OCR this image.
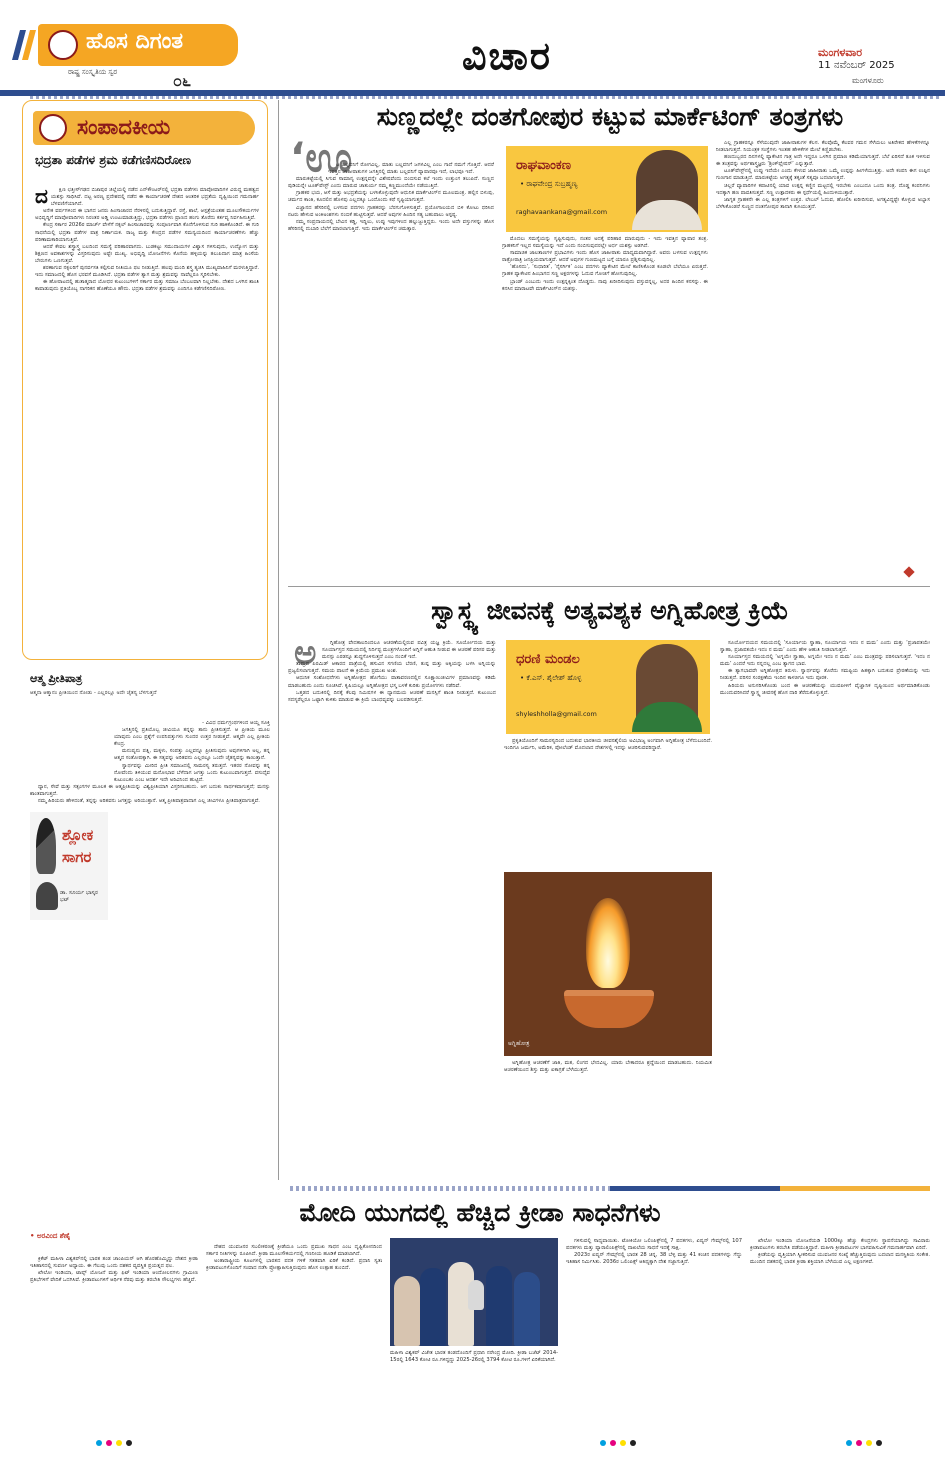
ಹೊಸ ದಿಗಂತ
ರಾಷ್ಟ್ರ ಸಂಸ್ಕೃತಿಯ ಸ್ವರ	೦೬
ವಿಚಾರ	ಮಂಗಳವಾರ
11 ನವೆಂಬರ್ 2025
ಮಂಗಳೂರು
ಸಂಪಾದಕೀಯ
ಭದ್ರತಾ ಪಡೆಗಳ ಶ್ರಮ ಕಡೆಗಣಿಸದಿರೋಣ
ದ	ಕ್ಷಿಣ ಛತ್ತೀಸ್‌ಗಢದ ಬಿಜಾಪುರ ಜಿಲ್ಲೆಯಲ್ಲಿ ನಡೆದ ಎನ್‌ಕೌಂಟರ್‌ನಲ್ಲಿ ಭದ್ರತಾ ಪಡೆಗಳು ಮಾವೋವಾದಿಗಳ ವಿರುದ್ಧ ಮಹತ್ವದ ಯಶಸ್ಸು ಸಾಧಿಸಿವೆ. ದಟ್ಟ ಅರಣ್ಯ ಪ್ರದೇಶದಲ್ಲಿ ನಡೆದ ಈ ಕಾರ್ಯಾಚರಣೆ ದೇಶದ ಆಂತರಿಕ ಭದ್ರತೆಯ ದೃಷ್ಟಿಯಿಂದ ಗಮನಾರ್ಹ ಬೆಳವಣಿಗೆಯಾಗಿದೆ.

ಅನೇಕ ವರ್ಷಗಳಿಂದ ಈ ಭಾಗದ ಜನರು ಹಿಂಸಾಚಾರದ ನೆರಳಿನಲ್ಲಿ ಬದುಕುತ್ತಿದ್ದಾರೆ. ರಸ್ತೆ, ಶಾಲೆ, ಆಸ್ಪತ್ರೆಯಂತಹ ಮೂಲಸೌಕರ್ಯಗಳ ಅಭಿವೃದ್ಧಿಗೆ ಮಾವೋವಾದಿಗಳು ನಿರಂತರ ಅಡ್ಡಿ ಉಂಟುಮಾಡುತ್ತಿದ್ದು, ಭದ್ರತಾ ಪಡೆಗಳು ಪ್ರಾಣದ ಹಂಗು ತೊರೆದು ಕರ್ತವ್ಯ ನಿರ್ವಹಿಸುತ್ತಿವೆ.

ಕೇಂದ್ರ ಸರ್ಕಾರ 2026ರ ಮಾರ್ಚ್ ವೇಳೆಗೆ ನಕ್ಸಲ್ ಹಿಂಸಾಚಾರವನ್ನು ಸಂಪೂರ್ಣವಾಗಿ ಕೊನೆಗೊಳಿಸುವ ಗುರಿ ಹಾಕಿಕೊಂಡಿದೆ. ಈ ಗುರಿ ಸಾಧನೆಯಲ್ಲಿ ಭದ್ರತಾ ಪಡೆಗಳ ಪಾತ್ರ ನಿರ್ಣಾಯಕ. ರಾಜ್ಯ ಮತ್ತು ಕೇಂದ್ರದ ಪಡೆಗಳ ಸಮನ್ವಯದಿಂದ ಕಾರ್ಯಾಚರಣೆಗಳು ಹೆಚ್ಚು ಪರಿಣಾಮಕಾರಿಯಾಗುತ್ತಿವೆ.

ಆದರೆ ಕೇವಲ ಶಸ್ತ್ರಾಸ್ತ್ರ ಬಲದಿಂದ ಸಮಸ್ಯೆ ಪರಿಹಾರವಾಗದು. ಬುಡಕಟ್ಟು ಸಮುದಾಯಗಳ ವಿಶ್ವಾಸ ಗಳಿಸುವುದು, ಉದ್ಯೋಗ ಮತ್ತು ಶಿಕ್ಷಣದ ಅವಕಾಶಗಳನ್ನು ವಿಸ್ತರಿಸುವುದು ಅಷ್ಟೇ ಮುಖ್ಯ. ಅಭಿವೃದ್ಧಿ ಯೋಜನೆಗಳು ಕೊನೆಯ ಹಳ್ಳಿಯನ್ನು ತಲುಪಿದಾಗ ಮಾತ್ರ ಹಿಂಸೆಯ ಬೇರುಗಳು ಒಣಗುತ್ತವೆ.

ಶರಣಾಗುವ ನಕ್ಸಲರಿಗೆ ಪುನರ್ವಸತಿ ಕಲ್ಪಿಸುವ ನೀತಿಯೂ ಫಲ ನೀಡುತ್ತಿದೆ. ಹಲವು ಮಂದಿ ಶಸ್ತ್ರ ತ್ಯಜಿಸಿ ಮುಖ್ಯವಾಹಿನಿಗೆ ಮರಳುತ್ತಿದ್ದಾರೆ. ಇದು ಸಮಾಜದಲ್ಲಿ ಹೊಸ ಭರವಸೆ ಮೂಡಿಸಿದೆ. ಭದ್ರತಾ ಪಡೆಗಳ ತ್ಯಾಗ ಮತ್ತು ಶ್ರಮವನ್ನು ನಾವೆಲ್ಲರೂ ಸ್ಮರಿಸಬೇಕು.

ಈ ಹೋರಾಟದಲ್ಲಿ ಹುತಾತ್ಮರಾದ ಯೋಧರ ಕುಟುಂಬಗಳಿಗೆ ಸರ್ಕಾರ ಮತ್ತು ಸಮಾಜ ಬೆಂಬಲವಾಗಿ ನಿಲ್ಲಬೇಕು. ದೇಶದ ಒಳಗಿನ ಶಾಂತಿ ಕಾಪಾಡುವುದು ಪ್ರತಿಯೊಬ್ಬ ನಾಗರಿಕನ ಹೊಣೆಯೂ ಹೌದು. ಭದ್ರತಾ ಪಡೆಗಳ ಶ್ರಮವನ್ನು ಎಂದಿಗೂ ಕಡೆಗಣಿಸದಿರೋಣ.

ಆತ್ಮ ಪ್ರೀತಿಪಾತ್ರ
ಆತ್ಮನಾ ಆತ್ಮಾನಂ ಪ್ರೀತಿಯಿಂದ ನೋಡು - ಎಲ್ಲರಲ್ಲೂ ಅದೇ ಚೈತನ್ಯ ಬೆಳಗುತ್ತದೆ
ಶ್ಲೋಕ
ಸಾಗರ
ಡಾ. ಸೂರ್ಯ ಭಾಸ್ಕರ ಭಟ್

- ವಿವಿಧ ಧರ್ಮಗ್ರಂಥಗಳಿಂದ ಆಯ್ದ ಸೂಕ್ತಿ

ಜಗತ್ತಿನಲ್ಲಿ ಪ್ರತಿಯೊಬ್ಬ ಜೀವಿಯೂ ತನ್ನನ್ನು ತಾನು ಪ್ರೀತಿಸುತ್ತದೆ. ಆ ಪ್ರೀತಿಯ ಮೂಲ ಯಾವುದು ಎಂಬ ಪ್ರಶ್ನೆಗೆ ಉಪನಿಷತ್ತುಗಳು ಸುಂದರ ಉತ್ತರ ನೀಡುತ್ತವೆ. ಆತ್ಮವೇ ಎಲ್ಲ ಪ್ರೀತಿಯ ಕೇಂದ್ರ.

ಮನುಷ್ಯನು ಪತ್ನಿ, ಮಕ್ಕಳು, ಸಂಪತ್ತು ಎಲ್ಲವನ್ನೂ ಪ್ರೀತಿಸುವುದು ಅವುಗಳಿಗಾಗಿ ಅಲ್ಲ, ತನ್ನ ಆತ್ಮದ ಸಂತೋಷಕ್ಕಾಗಿ. ಈ ಸತ್ಯವನ್ನು ಅರಿತವನು ಎಲ್ಲರಲ್ಲೂ ಒಂದೇ ಚೈತನ್ಯವನ್ನು ಕಾಣುತ್ತಾನೆ.

ಸ್ವಾರ್ಥವನ್ನು ಮೀರಿದ ಪ್ರೀತಿ ಸಮಾಜದಲ್ಲಿ ಸಾಮರಸ್ಯ ತರುತ್ತದೆ. ಇತರರ ನೋವನ್ನು ತನ್ನ ನೋವೆಂದು ತಿಳಿಯುವ ಮನೋಭಾವ ಬೆಳೆದಾಗ ಜಗತ್ತು ಒಂದು ಕುಟುಂಬವಾಗುತ್ತದೆ. ವಸುಧೈವ ಕುಟುಂಬಕಂ ಎಂಬ ಆದರ್ಶ ಇದೇ ಅರಿವಿನಿಂದ ಹುಟ್ಟಿದೆ.

ಧ್ಯಾನ, ಸೇವೆ ಮತ್ತು ಸತ್ಸಂಗಗಳ ಮೂಲಕ ಈ ಆತ್ಮಪ್ರೀತಿಯನ್ನು ವಿಶ್ವಪ್ರೀತಿಯಾಗಿ ವಿಸ್ತರಿಸಬಹುದು. ಆಗ ಬದುಕು ಸಾರ್ಥಕವಾಗುತ್ತದೆ; ಮನಸ್ಸು ಶಾಂತವಾಗುತ್ತದೆ.

ನಮ್ಮ ಹಿರಿಯರು ಹೇಳಿದಂತೆ, ತನ್ನನ್ನು ಅರಿತವನು ಜಗತ್ತನ್ನು ಅರಿಯುತ್ತಾನೆ. ಆತ್ಮ ಪ್ರೀತಿಪಾತ್ರವಾದಾಗ ಎಲ್ಲ ಜೀವಿಗಳೂ ಪ್ರೀತಿಪಾತ್ರವಾಗುತ್ತವೆ.

ಸುಣ್ಣದಲ್ಲೇ ದಂತಗೋಪುರ ಕಟ್ಟುವ ಮಾರ್ಕೆಟಿಂಗ್ ತಂತ್ರಗಳು
‘ಊ

ಟ ಬಲ್ಲವನಿಗೆ ರೋಗವಿಲ್ಲ, ಮಾತು ಬಲ್ಲವನಿಗೆ ಜಗಳವಿಲ್ಲ ಎಂಬ ಗಾದೆ ನಮಗೆ ಗೊತ್ತಿದೆ. ಆದರೆ ಇವತ್ತಿನ ಜಾಹೀರಾತುಗಳ ಜಗತ್ತಿನಲ್ಲಿ ಮಾತು ಬಲ್ಲವನಿಗೆ ವ್ಯಾಪಾರವೂ ಇದೆ, ಲಾಭವೂ ಇದೆ.

ಮಾರುಕಟ್ಟೆಯಲ್ಲಿ ಸಿಗುವ ಸಾಮಾನ್ಯ ಉತ್ಪನ್ನವನ್ನೇ ವಿಶೇಷವೆಂದು ಬಿಂಬಿಸುವ ಕಲೆ ಇಂದು ಉತ್ತುಂಗ ತಲುಪಿದೆ. ಸುಣ್ಣದ ಪುಡಿಯನ್ನೇ ಟೂತ್‌ಪೇಸ್ಟ್ ಎಂದು ಮಾರುವ ಚಾತುರ್ಯ ನಮ್ಮ ಕಣ್ಣಮುಂದೆಯೇ ನಡೆಯುತ್ತಿದೆ.

ಗ್ರಾಹಕರ ಭಯ, ಆಸೆ ಮತ್ತು ಅಭದ್ರತೆಯನ್ನು ಬಳಸಿಕೊಳ್ಳುವುದೇ ಆಧುನಿಕ ಮಾರ್ಕೆಟಿಂಗ್‌ನ ಮೂಲಮಂತ್ರ. ಹಲ್ಲಿನ ಬಿಳುಪು, ಚರ್ಮದ ಕಾಂತಿ, ಕೂದಲಿನ ಹೊಳಪು ಎಲ್ಲದಕ್ಕೂ ಒಂದೊಂದು ಕಥೆ ಸೃಷ್ಟಿಯಾಗುತ್ತದೆ.

ವಿಜ್ಞಾನದ ಹೆಸರಿನಲ್ಲಿ ಬಳಸುವ ಪದಗಳು ಗ್ರಾಹಕರನ್ನು ಬೆರಗುಗೊಳಿಸುತ್ತವೆ. ಪ್ರಯೋಗಾಲಯದ ಬಿಳಿ ಕೋಟು ಧರಿಸಿದ ನಟರು ಹೇಳುವ ಅಂಕಿಅಂಶಗಳು ನಂಬಿಕೆ ಹುಟ್ಟಿಸುತ್ತವೆ. ಆದರೆ ಅವುಗಳ ಹಿಂದಿನ ಸತ್ಯ ಬಹುಪಾಲು ಅಸ್ಪಷ್ಟ.

ನಮ್ಮ ಸಂಪ್ರದಾಯದಲ್ಲಿ ಬೇವಿನ ಕಡ್ಡಿ, ಇದ್ದಿಲು, ಉಪ್ಪು ಇವುಗಳಿಂದ ಹಲ್ಲುಜ್ಜುತ್ತಿದ್ದರು. ಇಂದು ಅದೇ ವಸ್ತುಗಳನ್ನು ಹೊಸ ಹೆಸರಿನಲ್ಲಿ ದುಬಾರಿ ಬೆಲೆಗೆ ಮಾರಲಾಗುತ್ತಿದೆ. ಇದು ಮಾರ್ಕೆಟಿಂಗ್‌ನ ಚಮತ್ಕಾರ.

ರಾಘವಾಂಕಣ
• ರಾಘವೇಂದ್ರ ಸುಬ್ರಹ್ಮಣ್ಯ
raghavaankana@gmail.com

ಮೊದಲು ಸಮಸ್ಯೆಯನ್ನು ಸೃಷ್ಟಿಸುವುದು, ನಂತರ ಅದಕ್ಕೆ ಪರಿಹಾರ ಮಾರುವುದು - ಇದು ಇವತ್ತಿನ ವ್ಯಾಪಾರ ತಂತ್ರ. ಗ್ರಾಹಕನಿಗೆ ಇಲ್ಲದ ಸಮಸ್ಯೆಯನ್ನು ಇದೆ ಎಂದು ನಂಬಿಸುವುದರಲ್ಲೇ ಅರ್ಧ ಯಶಸ್ಸು ಅಡಗಿದೆ.

ಸಾಮಾಜಿಕ ಜಾಲತಾಣಗಳ ಪ್ರಭಾವಿಗಳು ಇಂದು ಹೊಸ ಜಾಹೀರಾತು ಮಾಧ್ಯಮವಾಗಿದ್ದಾರೆ. ಅವರು ಬಳಸುವ ಉತ್ಪನ್ನಗಳು ರಾತ್ರೋರಾತ್ರಿ ಜನಪ್ರಿಯವಾಗುತ್ತವೆ. ಆದರೆ ಅವುಗಳ ಗುಣಮಟ್ಟದ ಬಗ್ಗೆ ಯಾರೂ ಪ್ರಶ್ನಿಸುವುದಿಲ್ಲ.

‘ಹೊಸದು’, ‘ಸುಧಾರಿತ’, ‘ನೈಸರ್ಗಿಕ’ ಎಂಬ ಪದಗಳು ಪ್ಯಾಕೇಟಿನ ಮೇಲೆ ಕಾಣಿಸಿಕೊಂಡ ಕೂಡಲೇ ಬೆಲೆಯೂ ಏರುತ್ತದೆ. ಗ್ರಾಹಕ ಪ್ಯಾಕೇಟಿನ ಹಿಂಭಾಗದ ಸಣ್ಣ ಅಕ್ಷರಗಳನ್ನು ಓದುವ ಗೋಜಿಗೆ ಹೋಗುವುದಿಲ್ಲ.

ಬ್ರಾಂಡ್ ಎಂಬುದು ಇಂದು ಉತ್ಪನ್ನಕ್ಕಿಂತ ದೊಡ್ಡದು. ನಾವು ಖರೀದಿಸುವುದು ವಸ್ತುವನ್ನಲ್ಲ, ಅದರ ಹಿಂದಿನ ಕನಸನ್ನು. ಈ ಕನಸಿನ ಮಾರಾಟವೇ ಮಾರ್ಕೆಟಿಂಗ್‌ನ ಯಶಸ್ಸು.

ಎಲ್ಲ ಗ್ರಾಹಕರನ್ನೂ ಸೆಳೆಯುವುದೇ ಜಾಹೀರಾತುಗಳ ಕೆಲಸ. ಕೆಲವೊಮ್ಮೆ ಕೆಲವರ ಗಮನ ಸೆಳೆಯಲು ಅತಿರೇಕದ ಹೇಳಿಕೆಗಳನ್ನೂ ನೀಡಲಾಗುತ್ತದೆ. ನಿಯಂತ್ರಕ ಸಂಸ್ಥೆಗಳು ಇಂತಹ ಹೇಳಿಕೆಗಳ ಮೇಲೆ ಕಣ್ಣಿಡಬೇಕು.

ಹಣದುಬ್ಬರದ ದಿನಗಳಲ್ಲಿ ಪ್ಯಾಕೇಟಿನ ಗಾತ್ರ ಅದೇ ಇದ್ದರೂ ಒಳಗಿನ ಪ್ರಮಾಣ ಕಡಿಮೆಯಾಗುತ್ತದೆ. ಬೆಲೆ ಏರಿಸದೆ ತೂಕ ಇಳಿಸುವ ಈ ತಂತ್ರವನ್ನು ಅರ್ಥಶಾಸ್ತ್ರಜ್ಞರು ‘ಶ್ರಿಂಕ್‌ಫ್ಲೇಷನ್’ ಎನ್ನುತ್ತಾರೆ.

ಟೂತ್‌ಪೇಸ್ಟ್‌ನಲ್ಲಿ ಉಪ್ಪು ಇದೆಯೇ ಎಂದು ಕೇಳುವ ಜಾಹೀರಾತು ಒಮ್ಮೆ ಉಪ್ಪನ್ನು ಹೀಗಳೆಯುತ್ತಿತ್ತು. ಅದೇ ಕಂಪನಿ ಈಗ ಉಪ್ಪಿನ ಗುಣಗಾನ ಮಾಡುತ್ತಿದೆ. ಮಾರುಕಟ್ಟೆಯ ಅಗತ್ಯಕ್ಕೆ ತಕ್ಕಂತೆ ಸತ್ಯವೂ ಬದಲಾಗುತ್ತದೆ.

ಚಿಲ್ಲರೆ ವ್ಯಾಪಾರಿಗಳ ಕಪಾಟಿನಲ್ಲಿ ಯಾವ ಉತ್ಪನ್ನ ಕಣ್ಣಿನ ಮಟ್ಟದಲ್ಲಿ ಇರಬೇಕು ಎಂಬುದೂ ಒಂದು ತಂತ್ರ. ದೊಡ್ಡ ಕಂಪನಿಗಳು ಇದಕ್ಕಾಗಿ ಹಣ ಪಾವತಿಸುತ್ತವೆ. ಸಣ್ಣ ಉತ್ಪಾದಕರು ಈ ಸ್ಪರ್ಧೆಯಲ್ಲಿ ಹಿಂದುಳಿಯುತ್ತಾರೆ.

ಜಾಗೃತ ಗ್ರಾಹಕನೇ ಈ ಎಲ್ಲ ತಂತ್ರಗಳಿಗೆ ಉತ್ತರ. ಲೇಬಲ್ ಓದುವ, ಹೋಲಿಸಿ ಖರೀದಿಸುವ, ಅಗತ್ಯವಿದ್ದಷ್ಟೇ ಕೊಳ್ಳುವ ಅಭ್ಯಾಸ ಬೆಳೆಸಿಕೊಂಡರೆ ಸುಣ್ಣದ ದಂತಗೋಪುರ ತಾನಾಗಿ ಕುಸಿಯುತ್ತದೆ.

ಸ್ವಾಸ್ಥ್ಯ ಜೀವನಕ್ಕೆ ಅತ್ಯವಶ್ಯಕ ಅಗ್ನಿಹೋತ್ರ ಕ್ರಿಯೆ
ಅ	ಗ್ನಿಹೋತ್ರ ವೇದಕಾಲದಿಂದಲೂ ಆಚರಣೆಯಲ್ಲಿರುವ ಪವಿತ್ರ ಯಜ್ಞ ಕ್ರಿಯೆ. ಸೂರ್ಯೋದಯ ಮತ್ತು ಸೂರ್ಯಾಸ್ತದ ಸಮಯದಲ್ಲಿ ನಿರ್ದಿಷ್ಟ ಮಂತ್ರಗಳೊಂದಿಗೆ ಅಗ್ನಿಗೆ ಆಹುತಿ ನೀಡುವ ಈ ಆಚರಣೆ ಪರಿಸರ ಮತ್ತು ಮನಸ್ಸು ಎರಡನ್ನೂ ಶುದ್ಧಗೊಳಿಸುತ್ತದೆ ಎಂಬ ನಂಬಿಕೆ ಇದೆ.

ತಾಮ್ರದ ಪಿರಮಿಡ್ ಆಕಾರದ ಪಾತ್ರೆಯಲ್ಲಿ ಹಸುವಿನ ಸಗಣಿಯ ಬೆರಣಿ, ತುಪ್ಪ ಮತ್ತು ಅಕ್ಕಿಯನ್ನು ಬಳಸಿ ಅಗ್ನಿಯನ್ನು ಪ್ರಜ್ವಲಿಸಲಾಗುತ್ತದೆ. ಸಮಯ ಪಾಲನೆ ಈ ಕ್ರಿಯೆಯ ಪ್ರಮುಖ ಅಂಶ.

ಆಧುನಿಕ ಸಂಶೋಧನೆಗಳು ಅಗ್ನಿಹೋತ್ರದ ಹೊಗೆಯು ವಾತಾವರಣದಲ್ಲಿನ ಸೂಕ್ಷ್ಮಾಣುಜೀವಿಗಳ ಪ್ರಮಾಣವನ್ನು ಕಡಿಮೆ ಮಾಡಬಹುದು ಎಂದು ಸೂಚಿಸಿವೆ. ಕೃಷಿಯಲ್ಲೂ ಅಗ್ನಿಹೋತ್ರದ ಭಸ್ಮ ಬಳಕೆ ಕುರಿತು ಪ್ರಯೋಗಗಳು ನಡೆದಿವೆ.

ಒತ್ತಡದ ಬದುಕಿನಲ್ಲಿ ದಿನಕ್ಕೆ ಕೆಲವು ನಿಮಿಷಗಳ ಈ ಧ್ಯಾನಮಯ ಆಚರಣೆ ಮನಸ್ಸಿಗೆ ಶಾಂತಿ ನೀಡುತ್ತದೆ. ಕುಟುಂಬದ ಸದಸ್ಯರೆಲ್ಲರೂ ಒಟ್ಟಾಗಿ ಕುಳಿತು ಮಾಡುವ ಈ ಕ್ರಿಯೆ ಬಾಂಧವ್ಯವನ್ನು ಬಲಪಡಿಸುತ್ತದೆ.

ಧರಣಿ ಮಂಡಲ
• ಕೆ.ಎಸ್. ಶೈಲೇಶ್ ಹೊಳ್ಳ
shyleshholla@gmail.com

ಪ್ರಕೃತಿಯೊಂದಿಗೆ ಸಾಮರಸ್ಯದಿಂದ ಬದುಕುವ ಭಾರತೀಯ ಜೀವನಶೈಲಿಯ ಅವಿಭಾಜ್ಯ ಅಂಗವಾಗಿ ಅಗ್ನಿಹೋತ್ರ ಬೆಳೆದುಬಂದಿದೆ. ಇಂದಿಗೂ ಜರ್ಮನಿ, ಅಮೆರಿಕ, ಪೋಲೆಂಡ್ ಮೊದಲಾದ ದೇಶಗಳಲ್ಲಿ ಇದನ್ನು ಆಚರಿಸುವವರಿದ್ದಾರೆ.

ಅಗ್ನಿಹೋತ್ರ

ಅಗ್ನಿಹೋತ್ರ ಆಚರಣೆಗೆ ಜಾತಿ, ಮತ, ಲಿಂಗದ ಭೇದವಿಲ್ಲ. ಯಾರು ಬೇಕಾದರೂ ಶ್ರದ್ಧೆಯಿಂದ ಮಾಡಬಹುದು. ನಿಯಮಿತ ಆಚರಣೆಯಿಂದ ಶಿಸ್ತು ಮತ್ತು ಏಕಾಗ್ರತೆ ಬೆಳೆಯುತ್ತದೆ.

ಸೂರ್ಯೋದಯದ ಸಮಯದಲ್ಲಿ ‘ಸೂರ್ಯಾಯ ಸ್ವಾಹಾ, ಸೂರ್ಯಾಯ ಇದಂ ನ ಮಮ’ ಎಂದು ಮತ್ತು ‘ಪ್ರಜಾಪತಯೇ ಸ್ವಾಹಾ, ಪ್ರಜಾಪತಯೇ ಇದಂ ನ ಮಮ’ ಎಂದು ಹೇಳಿ ಆಹುತಿ ನೀಡಲಾಗುತ್ತದೆ.

ಸೂರ್ಯಾಸ್ತದ ಸಮಯದಲ್ಲಿ ‘ಅಗ್ನಯೇ ಸ್ವಾಹಾ, ಅಗ್ನಯೇ ಇದಂ ನ ಮಮ’ ಎಂಬ ಮಂತ್ರವನ್ನು ಪಠಿಸಲಾಗುತ್ತದೆ. ‘ಇದಂ ನ ಮಮ’ ಎಂದರೆ ಇದು ನನ್ನದಲ್ಲ ಎಂಬ ತ್ಯಾಗದ ಭಾವ.

ಈ ತ್ಯಾಗಭಾವವೇ ಅಗ್ನಿಹೋತ್ರದ ತಿರುಳು. ಸ್ವಾರ್ಥವನ್ನು ತೊರೆದು ಸಮಷ್ಟಿಯ ಹಿತಕ್ಕಾಗಿ ಬದುಕುವ ಪ್ರೇರಣೆಯನ್ನು ಇದು ನೀಡುತ್ತದೆ. ಪರಿಸರ ಸಂರಕ್ಷಣೆಯ ಇಂದಿನ ಕಾಳಜಿಗೂ ಇದು ಪೂರಕ.

ಹಿರಿಯರು ಅನುಸರಿಸಿಕೊಂಡು ಬಂದ ಈ ಆಚರಣೆಯನ್ನು ಯುವಪೀಳಿಗೆ ವೈಜ್ಞಾನಿಕ ದೃಷ್ಟಿಯಿಂದ ಅರ್ಥಮಾಡಿಕೊಂಡು ಮುಂದುವರಿಸಿದರೆ ಸ್ವಾಸ್ಥ್ಯ ಜೀವನಕ್ಕೆ ಹೊಸ ದಾರಿ ತೆರೆದುಕೊಳ್ಳುತ್ತದೆ.

ಮೋದಿ ಯುಗದಲ್ಲಿ ಹೆಚ್ಚಿದ ಕ್ರೀಡಾ ಸಾಧನೆಗಳು
• ಅರವಿಂದ ಶೆಣೈ

ಕ್ರಿಕೆಟ್ ಮಹಿಳಾ ವಿಶ್ವಕಪ್‌ನಲ್ಲಿ ಭಾರತ ತಂಡ ಚಾಂಪಿಯನ್ ಆಗಿ ಹೊರಹೊಮ್ಮಿದ್ದು ದೇಶದ ಕ್ರೀಡಾ ಇತಿಹಾಸದಲ್ಲಿ ಸುವರ್ಣ ಅಧ್ಯಾಯ. ಈ ಗೆಲುವು ಒಂದು ದಶಕದ ವ್ಯವಸ್ಥಿತ ಪ್ರಯತ್ನದ ಫಲ.

ಖೇಲೋ ಇಂಡಿಯಾ, ಟಾಪ್ಸ್ ಯೋಜನೆ ಮತ್ತು ಫಿಟ್ ಇಂಡಿಯಾ ಆಂದೋಲನಗಳು ಗ್ರಾಮೀಣ ಪ್ರತಿಭೆಗಳಿಗೆ ವೇದಿಕೆ ಒದಗಿಸಿವೆ. ಕ್ರೀಡಾಪಟುಗಳಿಗೆ ಆರ್ಥಿಕ ನೆರವು ಮತ್ತು ತರಬೇತಿ ಸೌಲಭ್ಯಗಳು ಹೆಚ್ಚಿವೆ.

ದೇಶದ ಯುವಜನರ ಸಬಲೀಕರಣಕ್ಕೆ ಕ್ರೀಡೆಯೂ ಒಂದು ಪ್ರಮುಖ ಸಾಧನ ಎಂಬ ದೃಷ್ಟಿಕೋನದಿಂದ ಸರ್ಕಾರ ನೀತಿಗಳನ್ನು ರೂಪಿಸಿದೆ. ಕ್ರೀಡಾ ಮೂಲಸೌಕರ್ಯದಲ್ಲಿ ಗಣನೀಯ ಹೂಡಿಕೆ ಮಾಡಲಾಗಿದೆ.

ಅಂತಾರಾಷ್ಟ್ರೀಯ ಕೂಟಗಳಲ್ಲಿ ಭಾರತದ ಪದಕ ಗಳಿಕೆ ಸತತವಾಗಿ ಏರಿಕೆ ಕಂಡಿದೆ. ಪ್ರಧಾನಿ ಸ್ವತಃ ಕ್ರೀಡಾಪಟುಗಳೊಂದಿಗೆ ಸಂವಾದ ನಡೆಸಿ ಪ್ರೋತ್ಸಾಹಿಸುತ್ತಿರುವುದು ಹೊಸ ಉತ್ಸಾಹ ತುಂಬಿದೆ.

ಮಹಿಳಾ ವಿಶ್ವಕಪ್ ವಿಜೇತ ಭಾರತ ತಂಡದೊಂದಿಗೆ ಪ್ರಧಾನಿ ನರೇಂದ್ರ ಮೋದಿ. ಕ್ರೀಡಾ ಬಜೆಟ್ 2014-15ರಲ್ಲಿ 1643 ಕೋಟಿ ರೂ.ಗಳಿದ್ದದ್ದು 2025-26ರಲ್ಲಿ 3794 ಕೋಟಿ ರೂ.ಗಳಿಗೆ ಏರಿಕೆಯಾಗಿದೆ.

ಗಳಿಸುವಲ್ಲಿ ಸಾಧ್ಯವಾಯಿತು. ಟೋಕಿಯೋ ಒಲಿಂಪಿಕ್ಸ್‌ನಲ್ಲಿ 7 ಪದಕಗಳು, ಏಷ್ಯನ್ ಗೇಮ್ಸ್‌ನಲ್ಲಿ 107 ಪದಕಗಳು ಮತ್ತು ಪ್ಯಾರಾಲಿಂಪಿಕ್ಸ್‌ನಲ್ಲಿ ದಾಖಲೆಯ ಸಾಧನೆ ಇದಕ್ಕೆ ಸಾಕ್ಷಿ.

2023ರ ಏಷ್ಯನ್ ಗೇಮ್ಸ್‌ನಲ್ಲಿ ಭಾರತ 28 ಚಿನ್ನ, 38 ಬೆಳ್ಳಿ ಮತ್ತು 41 ಕಂಚಿನ ಪದಕಗಳನ್ನು ಗೆದ್ದು ಇತಿಹಾಸ ನಿರ್ಮಿಸಿತು. 2036ರ ಒಲಿಂಪಿಕ್ಸ್ ಆತಿಥ್ಯಕ್ಕಾಗಿ ದೇಶ ಸಜ್ಜಾಗುತ್ತಿದೆ.

ಖೇಲೋ ಇಂಡಿಯಾ ಯೋಜನೆಯಡಿ 1000ಕ್ಕೂ ಹೆಚ್ಚು ಕೇಂದ್ರಗಳು ಸ್ಥಾಪನೆಯಾಗಿದ್ದು ಸಾವಿರಾರು ಕ್ರೀಡಾಪಟುಗಳು ತರಬೇತಿ ಪಡೆಯುತ್ತಿದ್ದಾರೆ. ಮಹಿಳಾ ಕ್ರೀಡಾಪಟುಗಳ ಭಾಗವಹಿಸುವಿಕೆ ಗಮನಾರ್ಹವಾಗಿ ಏರಿದೆ.

ಕ್ರೀಡೆಯನ್ನು ವೃತ್ತಿಯಾಗಿ ಸ್ವೀಕರಿಸುವ ಯುವಜನರ ಸಂಖ್ಯೆ ಹೆಚ್ಚುತ್ತಿರುವುದು ಬದಲಾದ ಮನಸ್ಥಿತಿಯ ಸಂಕೇತ. ಮುಂದಿನ ದಶಕದಲ್ಲಿ ಭಾರತ ಕ್ರೀಡಾ ಶಕ್ತಿಯಾಗಿ ಬೆಳೆಯುವ ಎಲ್ಲ ಲಕ್ಷಣಗಳಿವೆ.
